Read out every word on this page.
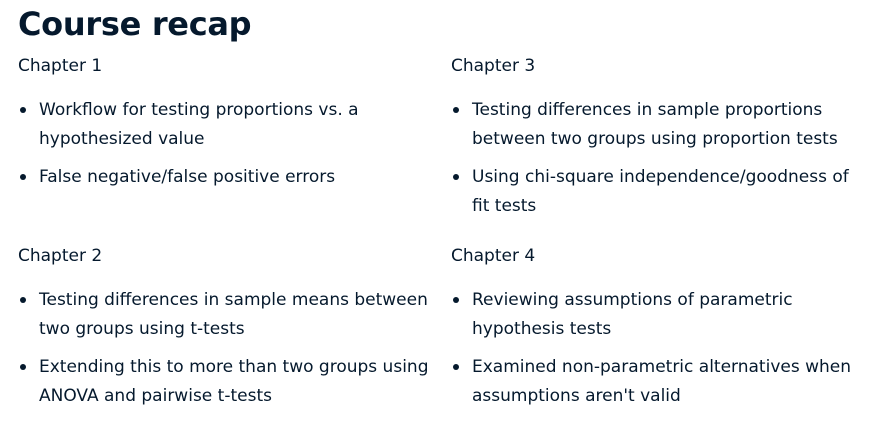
Course recap
Chapter 1
Workflow for testing proportions vs. a hypothesized value
False negative/false positive errors
Chapter 3
Testing differences in sample proportions between two groups using proportion tests
Using chi-square independence/goodness of fit tests
Chapter 2
Testing differences in sample means between two groups using t-tests
Extending this to more than two groups using ANOVA and pairwise t-tests
Chapter 4
Reviewing assumptions of parametric hypothesis tests
Examined non-parametric alternatives when assumptions aren't valid
